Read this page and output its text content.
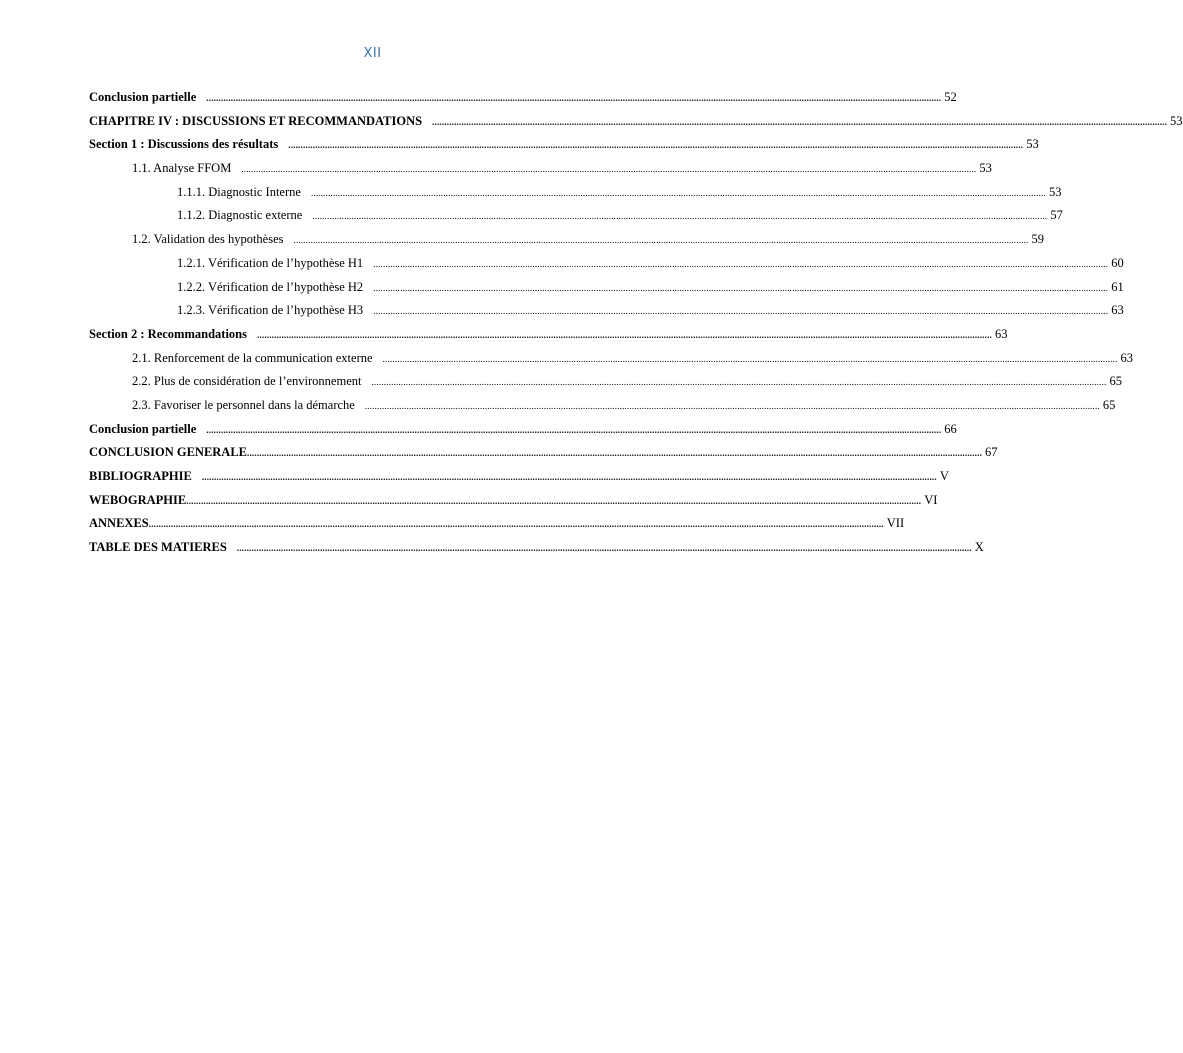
XII
Conclusion partielle ............................................................................................................................................................................................................................................................................................................ 52
CHAPITRE IV : DISCUSSIONS ET RECOMMANDATIONS ............................................................................................................................................................................................................................................................................................................ 53
Section 1 : Discussions des résultats ............................................................................................................................................................................................................................................................................................................ 53
1.1. Analyse FFOM ............................................................................................................................................................................................................................................................................................................ 53
1.1.1. Diagnostic Interne ............................................................................................................................................................................................................................................................................................................ 53
1.1.2. Diagnostic externe ............................................................................................................................................................................................................................................................................................................ 57
1.2. Validation des hypothèses ............................................................................................................................................................................................................................................................................................................ 59
1.2.1. Vérification de l’hypothèse H1 ............................................................................................................................................................................................................................................................................................................ 60
1.2.2. Vérification de l’hypothèse H2 ............................................................................................................................................................................................................................................................................................................ 61
1.2.3. Vérification de l’hypothèse H3 ............................................................................................................................................................................................................................................................................................................ 63
Section 2 : Recommandations ............................................................................................................................................................................................................................................................................................................ 63
2.1. Renforcement de la communication externe ............................................................................................................................................................................................................................................................................................................ 63
2.2. Plus de considération de l’environnement ............................................................................................................................................................................................................................................................................................................ 65
2.3. Favoriser le personnel dans la démarche ............................................................................................................................................................................................................................................................................................................ 65
Conclusion partielle ............................................................................................................................................................................................................................................................................................................ 66
CONCLUSION GENERALE ............................................................................................................................................................................................................................................................................................................ 67
BIBLIOGRAPHIE ............................................................................................................................................................................................................................................................................................................ V
WEBOGRAPHIE ............................................................................................................................................................................................................................................................................................................ VI
ANNEXES ............................................................................................................................................................................................................................................................................................................ VII
TABLE DES MATIERES ............................................................................................................................................................................................................................................................................................................ X
